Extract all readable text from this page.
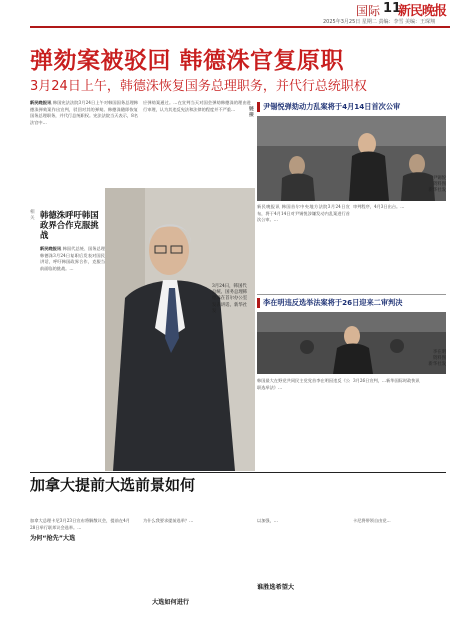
国际 11
新民晚报
2025年3月25日 星期二 责编：李雪 美编：王琛翔
弹劾案被驳回 韩德洙官复原职
3月24日上午，韩德洙恢复国务总理职务，并代行总统职权
新民晚报讯 韩国宪法法院3月24日上午对韩国国务总理韩德洙弹劾案作出宣判，驳回对其的弹劾。韩德洙随即恢复国务总理职务，并代行总统职权。宪法法院当天表示，8名法官中…
应弹劾案通过。…在宣判当天对国会弹劾韩德洙的理由进行审理，认为其违反宪法和法律的程度并不严重…
相关 韩德洙呼吁韩国政界合作克服挑战
新民晚报讯 韩国代总统、国务总理韩德洙3月24日复职后发表对国民讲话，呼吁韩国政界合作，克服当前面临的挑战。…
3月24日，韩国代总统、国务总理韩德洙在首尔办公室发表讲话。新华社发
链接
尹锡悦弹劾动力乱案将于4月14日首次公审
尹锡悦
资料图
新华社发
新民晚报讯 韩国首尔中央地方法院3月24日宣布，将于4月14日对尹锡悦涉嫌发动内乱案进行首次公审。…
审判程序，4月3日出台。…
李在明违反选举法案将于26日迎来二审判决
李在明
资料图
新华社发
韩国最大在野党共同民主党党首李在明因违反《公职选举法》…
3月26日宣判，…新华国际时政快讯
加拿大提前大选前景如何
加拿大总理卡尼3月23日宣布将解散议会，提前在4月28日举行联邦议会选举。…
为何“抢先”大选
为什么我要求提前选举？…
大选如何进行
以加强，…
谁胜选希望大
卡尼将带领自由党…
